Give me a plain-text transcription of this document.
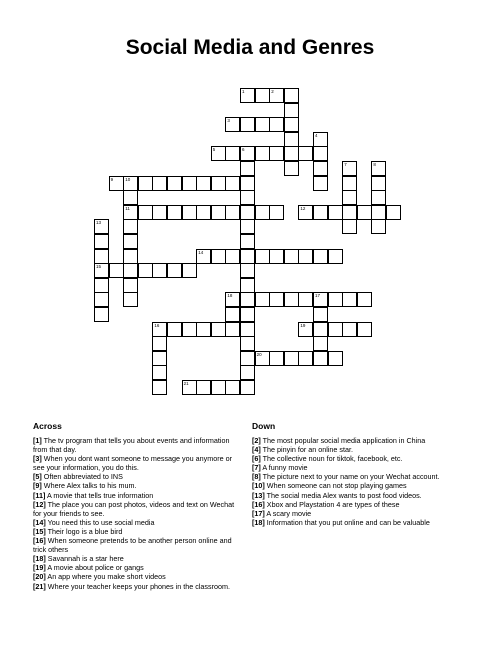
Social Media and Genres
1	2
3
5	6
9	10
11	12
14
15
18	17
16	19
20
21
4
7	8
13
Across
[1] The tv program that tells you about events and information from that day.
[3] When you dont want someone to message you anymore or see your information, you do this.
[5] Often abbreviated to INS
[9] Where Alex talks to his mum.
[11] A movie that tells true information
[12] The place you can post photos, videos and text on Wechat for your friends to see.
[14] You need this to use social media
[15] Their logo is a blue bird
[16] When someone pretends to be another person online and trick others
[18] Savannah is a star here
[19] A movie about police or gangs
[20] An app where you make short videos
[21] Where your teacher keeps your phones in the classroom.
Down
[2] The most popular social media application in China
[4] The pinyin for an online star.
[6] The collective noun for tiktok, facebook, etc.
[7] A funny movie
[8] The picture next to your name on your Wechat account.
[10] When someone can not stop playing games
[13] The social media Alex wants to post food videos.
[16] Xbox and Playstation 4 are types of these
[17] A scary movie
[18] Information that you put online and can be valuable
